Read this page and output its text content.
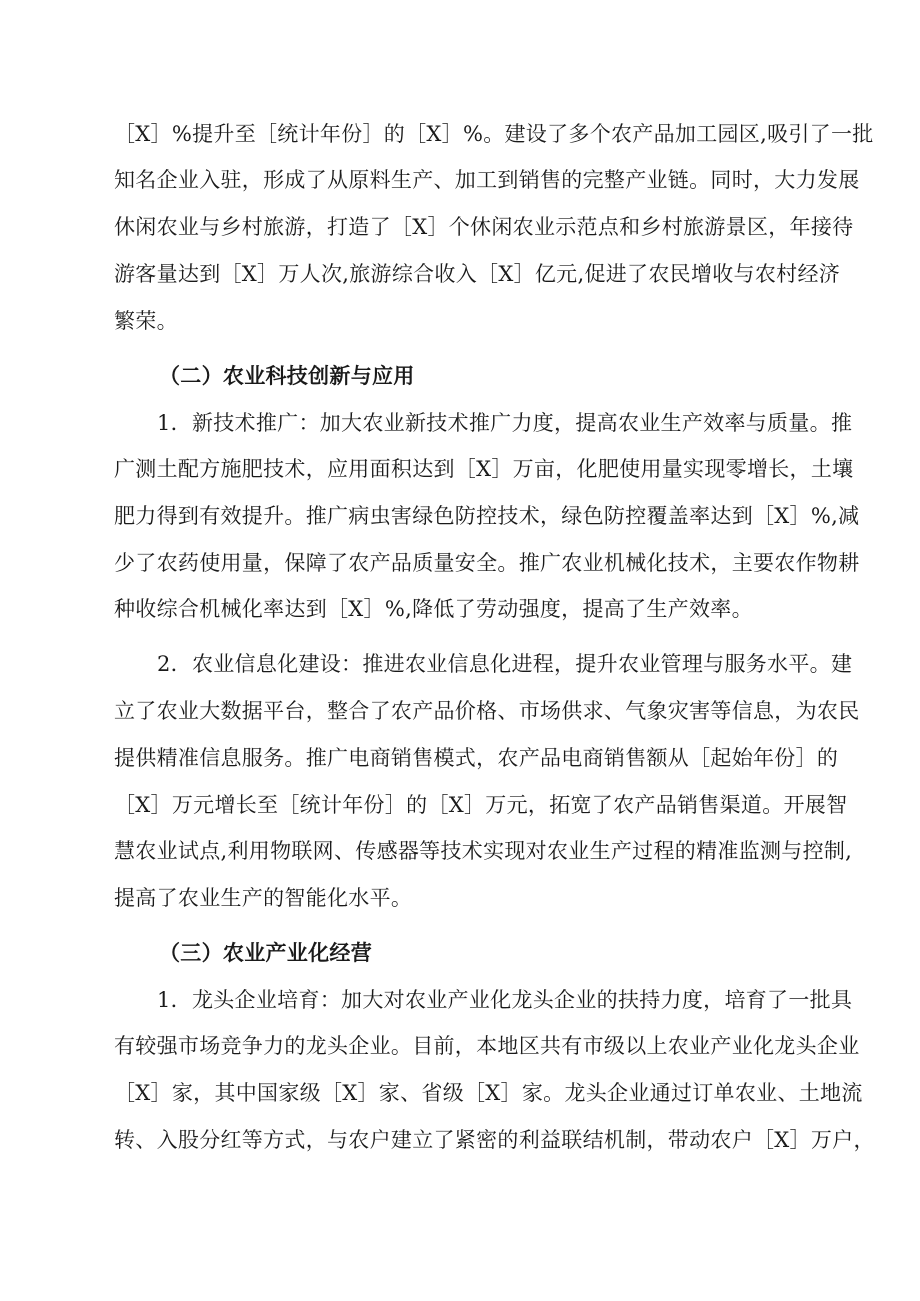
［X］%提升至［统计年份］的［X］%。建设了多个农产品加工园区,吸引了一批
知名企业入驻，形成了从原料生产、加工到销售的完整产业链。同时，大力发展
休闲农业与乡村旅游，打造了［X］个休闲农业示范点和乡村旅游景区，年接待
游客量达到［X］万人次,旅游综合收入［X］亿元,促进了农民增收与农村经济
繁荣。
（二）农业科技创新与应用
1．新技术推广：加大农业新技术推广力度，提高农业生产效率与质量。推
广测土配方施肥技术，应用面积达到［X］万亩，化肥使用量实现零增长，土壤
肥力得到有效提升。推广病虫害绿色防控技术，绿色防控覆盖率达到［X］%,减
少了农药使用量，保障了农产品质量安全。推广农业机械化技术，主要农作物耕
种收综合机械化率达到［X］%,降低了劳动强度，提高了生产效率。
2．农业信息化建设：推进农业信息化进程，提升农业管理与服务水平。建
立了农业大数据平台，整合了农产品价格、市场供求、气象灾害等信息，为农民
提供精准信息服务。推广电商销售模式，农产品电商销售额从［起始年份］的
［X］万元增长至［统计年份］的［X］万元，拓宽了农产品销售渠道。开展智
慧农业试点,利用物联网、传感器等技术实现对农业生产过程的精准监测与控制,
提高了农业生产的智能化水平。
（三）农业产业化经营
1．龙头企业培育：加大对农业产业化龙头企业的扶持力度，培育了一批具
有较强市场竞争力的龙头企业。目前，本地区共有市级以上农业产业化龙头企业
［X］家，其中国家级［X］家、省级［X］家。龙头企业通过订单农业、土地流
转、入股分红等方式，与农户建立了紧密的利益联结机制，带动农户［X］万户，
